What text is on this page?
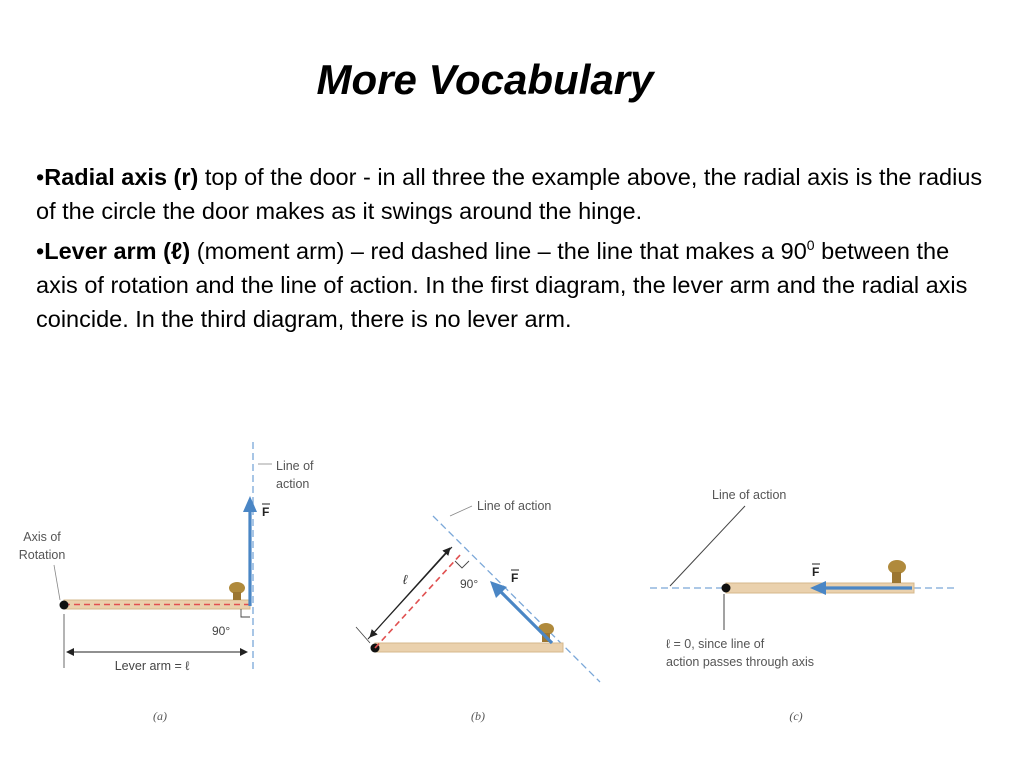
More Vocabulary

•Radial axis (r) top of the door - in all three the example above, the radial axis is the radius of the circle the door makes as it swings around the hinge.

•Lever arm (ℓ) (moment arm) – red dashed line – the line that makes a $90^0$ between the axis of rotation and the line of action. In the first diagram, the lever arm and the radial axis coincide. In the third diagram, there is no lever arm.

Axis of
Rotation
Line of
action
F
90°
Lever arm = ℓ
(a)
Line of action
ℓ	90°	F
(b)
Line of action
F
ℓ = 0, since line of
action passes through axis
(c)
